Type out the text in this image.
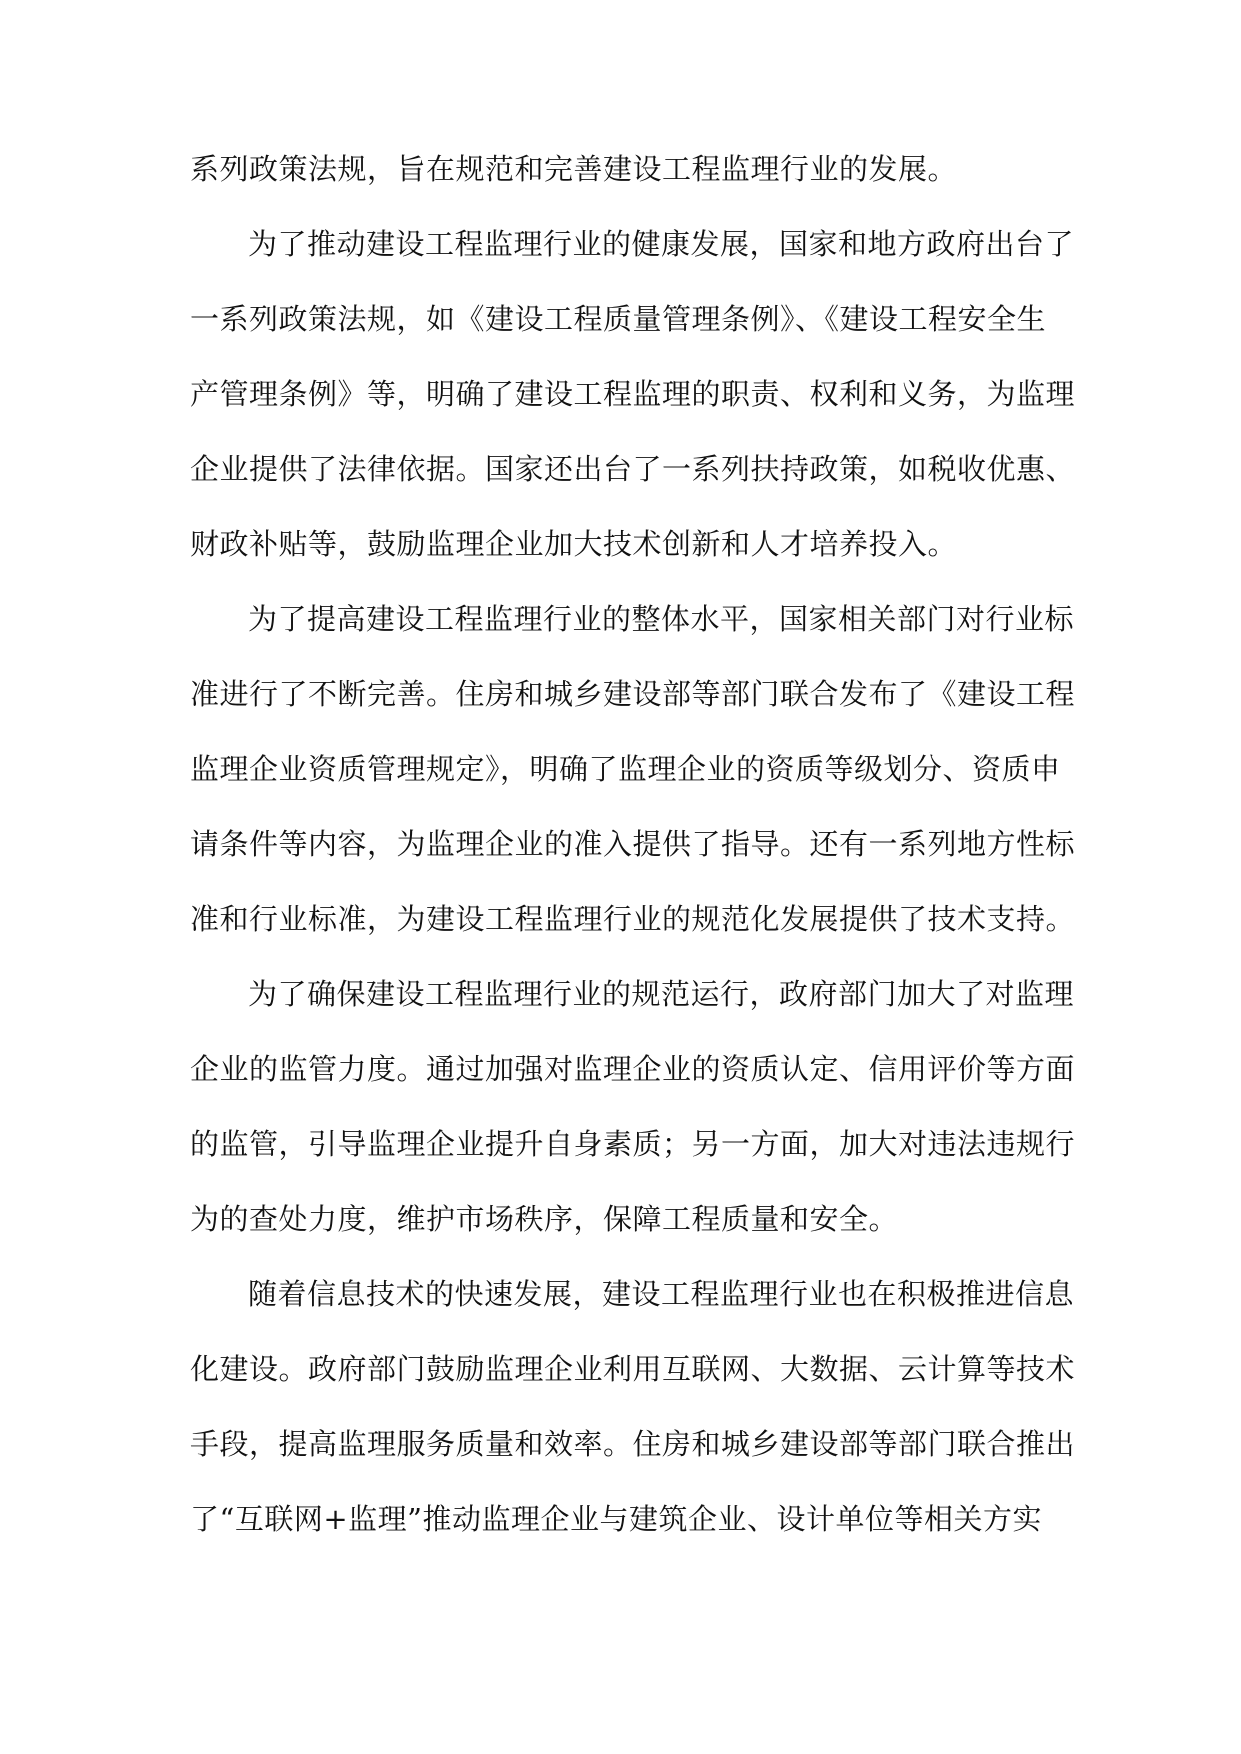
系列政策法规，旨在规范和完善建设工程监理行业的发展。
为了推动建设工程监理行业的健康发展，国家和地方政府出台了
一系列政策法规，如《建设工程质量管理条例》、《建设工程安全生
产管理条例》等，明确了建设工程监理的职责、权利和义务，为监理
企业提供了法律依据。国家还出台了一系列扶持政策，如税收优惠、
财政补贴等，鼓励监理企业加大技术创新和人才培养投入。
为了提高建设工程监理行业的整体水平，国家相关部门对行业标
准进行了不断完善。住房和城乡建设部等部门联合发布了《建设工程
监理企业资质管理规定》，明确了监理企业的资质等级划分、资质申
请条件等内容，为监理企业的准入提供了指导。还有一系列地方性标
准和行业标准，为建设工程监理行业的规范化发展提供了技术支持。
为了确保建设工程监理行业的规范运行，政府部门加大了对监理
企业的监管力度。通过加强对监理企业的资质认定、信用评价等方面
的监管，引导监理企业提升自身素质；另一方面，加大对违法违规行
为的查处力度，维护市场秩序，保障工程质量和安全。
随着信息技术的快速发展，建设工程监理行业也在积极推进信息
化建设。政府部门鼓励监理企业利用互联网、大数据、云计算等技术
手段，提高监理服务质量和效率。住房和城乡建设部等部门联合推出
了“互联网+监理”推动监理企业与建筑企业、设计单位等相关方实
